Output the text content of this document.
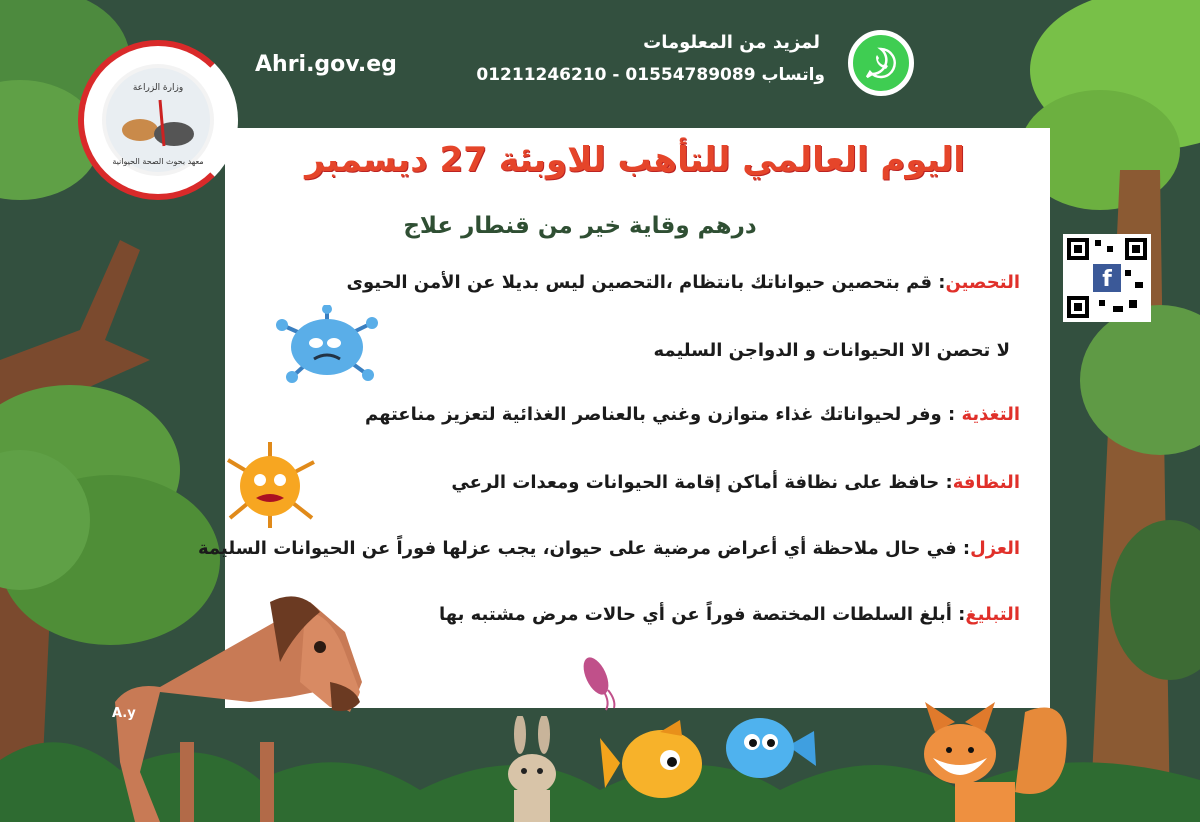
وزارة الزراعة
معهد بحوث الصحة الحيوانية
Ahri.gov.eg
لمزيد من المعلومات
واتساب 01554789089 - 01211246210
f
اليوم العالمي للتأهب للاوبئة 27 ديسمبر
درهم وقاية خير من قنطار علاج
التحصين: قم بتحصين حيواناتك بانتظام ،التحصين ليس بديلا عن الأمن الحيوى
لا تحصن الا الحيوانات و الدواجن السليمه
التغذية : وفر لحيواناتك غذاء متوازن وغني بالعناصر الغذائية لتعزيز مناعتهم
النظافة: حافظ على نظافة أماكن إقامة الحيوانات ومعدات الرعي
العزل: في حال ملاحظة أي أعراض مرضية على حيوان، يجب عزلها فوراً عن الحيوانات السليمة
التبليغ: أبلغ السلطات المختصة فوراً عن أي حالات مرض مشتبه بها
A.y
